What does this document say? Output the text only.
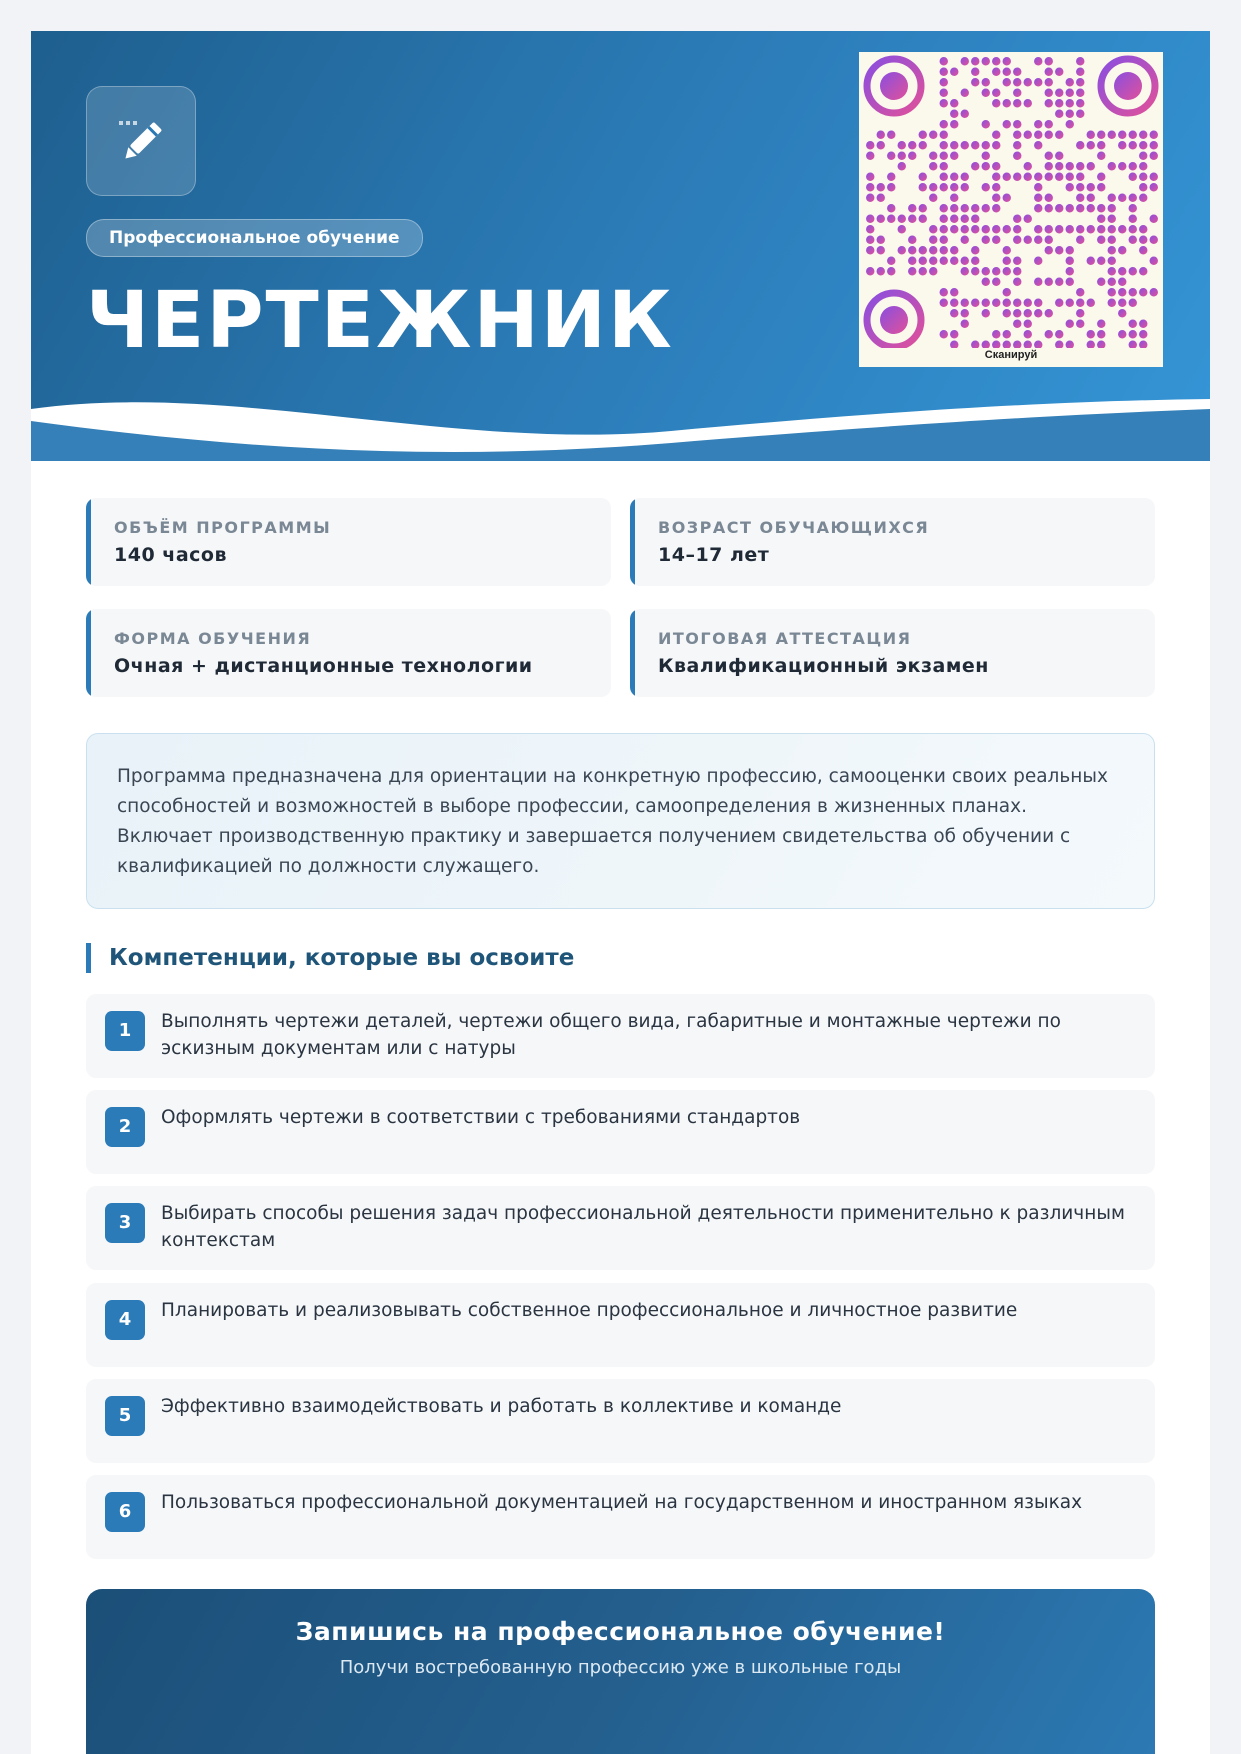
Профессиональное обучение
ЧЕРТЕЖНИК	Сканируй
ОБЪЁМ ПРОГРАММЫ
140 часов
ВОЗРАСТ ОБУЧАЮЩИХСЯ
14–17 лет
ФОРМА ОБУЧЕНИЯ
Очная + дистанционные технологии
ИТОГОВАЯ АТТЕСТАЦИЯ
Квалификационный экзамен
Программа предназначена для ориентации на конкретную профессию, самооценки своих реальных способностей и возможностей в выборе профессии, самоопределения в жизненных планах. Включает производственную практику и завершается получением свидетельства об обучении с квалификацией по должности служащего.
Компетенции, которые вы освоите
1	Выполнять чертежи деталей, чертежи общего вида, габаритные и монтажные чертежи по эскизным документам или с натуры
2	Оформлять чертежи в соответствии с требованиями стандартов
3	Выбирать способы решения задач профессиональной деятельности применительно к различным контекстам
4	Планировать и реализовывать собственное профессиональное и личностное развитие
5	Эффективно взаимодействовать и работать в коллективе и команде
6	Пользоваться профессиональной документацией на государственном и иностранном языках
Запишись на профессиональное обучение!
Получи востребованную профессию уже в школьные годы
